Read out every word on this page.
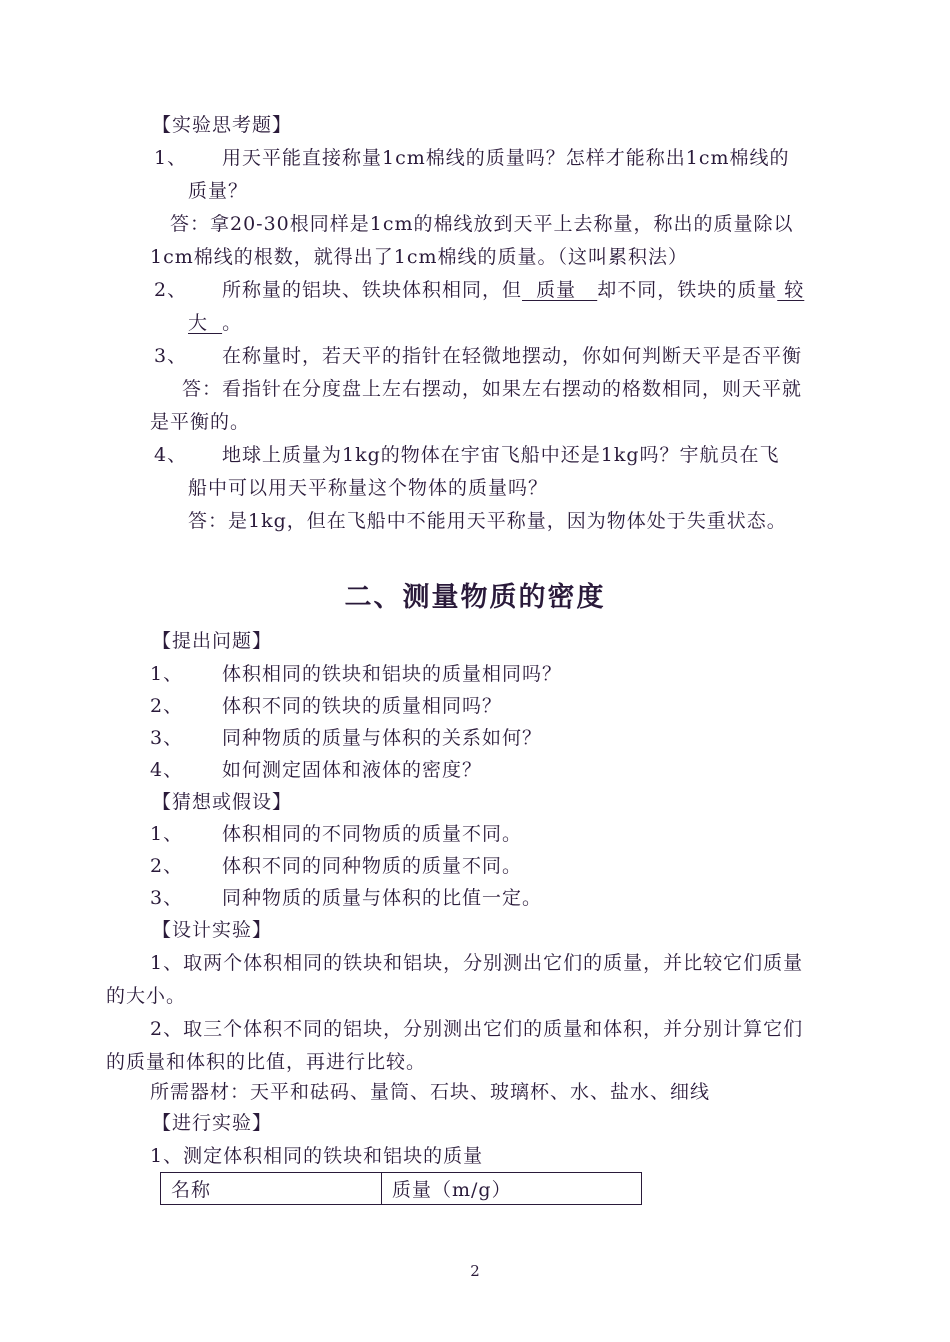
【实验思考题】
1、 用天平能直接称量1cm棉线的质量吗？怎样才能称出1cm棉线的
质量？
答：拿20-30根同样是1cm的棉线放到天平上去称量，称出的质量除以
1cm棉线的根数，就得出了1cm棉线的质量。（这叫累积法）
2、 所称量的铝块、铁块体积相同，但  质量   却不同，铁块的质量 较
大  。
3、 在称量时，若天平的指针在轻微地摆动，你如何判断天平是否平衡
答：看指针在分度盘上左右摆动，如果左右摆动的格数相同，则天平就
是平衡的。
4、 地球上质量为1kg的物体在宇宙飞船中还是1kg吗？宇航员在飞
船中可以用天平称量这个物体的质量吗？
答：是1kg，但在飞船中不能用天平称量，因为物体处于失重状态。
二、测量物质的密度
【提出问题】
1、 体积相同的铁块和铝块的质量相同吗？
2、 体积不同的铁块的质量相同吗？
3、 同种物质的质量与体积的关系如何？
4、 如何测定固体和液体的密度？
【猜想或假设】
1、 体积相同的不同物质的质量不同。
2、 体积不同的同种物质的质量不同。
3、 同种物质的质量与体积的比值一定。
【设计实验】
1、取两个体积相同的铁块和铝块，分别测出它们的质量，并比较它们质量
的大小。
2、取三个体积不同的铝块，分别测出它们的质量和体积，并分别计算它们
的质量和体积的比值，再进行比较。
所需器材：天平和砝码、量筒、石块、玻璃杯、水、盐水、细线
【进行实验】
1、测定体积相同的铁块和铝块的质量
名称	质量（m/g）
2
